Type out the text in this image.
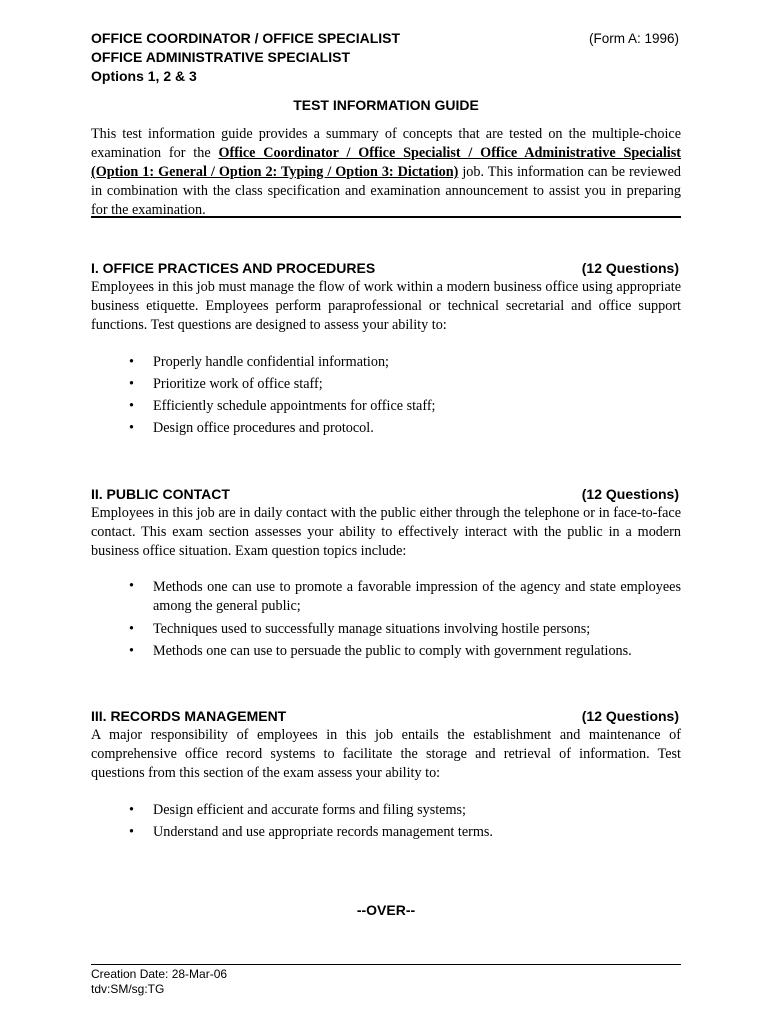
OFFICE COORDINATOR / OFFICE SPECIALIST
OFFICE ADMINISTRATIVE SPECIALIST
Options 1, 2 & 3
(Form A: 1996)
TEST INFORMATION GUIDE
This test information guide provides a summary of concepts that are tested on the multiple-choice examination for the Office Coordinator / Office Specialist / Office Administrative Specialist (Option 1: General / Option 2: Typing / Option 3: Dictation) job. This information can be reviewed in combination with the class specification and examination announcement to assist you in preparing for the examination.
I. OFFICE PRACTICES AND PROCEDURES	(12 Questions)
Employees in this job must manage the flow of work within a modern business office using appropriate business etiquette. Employees perform paraprofessional or technical secretarial and office support functions. Test questions are designed to assess your ability to:
• Properly handle confidential information;
• Prioritize work of office staff;
• Efficiently schedule appointments for office staff;
• Design office procedures and protocol.
II. PUBLIC CONTACT	(12 Questions)
Employees in this job are in daily contact with the public either through the telephone or in face-to-face contact. This exam section assesses your ability to effectively interact with the public in a modern business office situation. Exam question topics include:
• Methods one can use to promote a favorable impression of the agency and state employees among the general public;
• Techniques used to successfully manage situations involving hostile persons;
• Methods one can use to persuade the public to comply with government regulations.
III. RECORDS MANAGEMENT	(12 Questions)
A major responsibility of employees in this job entails the establishment and maintenance of comprehensive office record systems to facilitate the storage and retrieval of information. Test questions from this section of the exam assess your ability to:
• Design efficient and accurate forms and filing systems;
• Understand and use appropriate records management terms.
--OVER--
Creation Date: 28-Mar-06
tdv:SM/sg:TG
